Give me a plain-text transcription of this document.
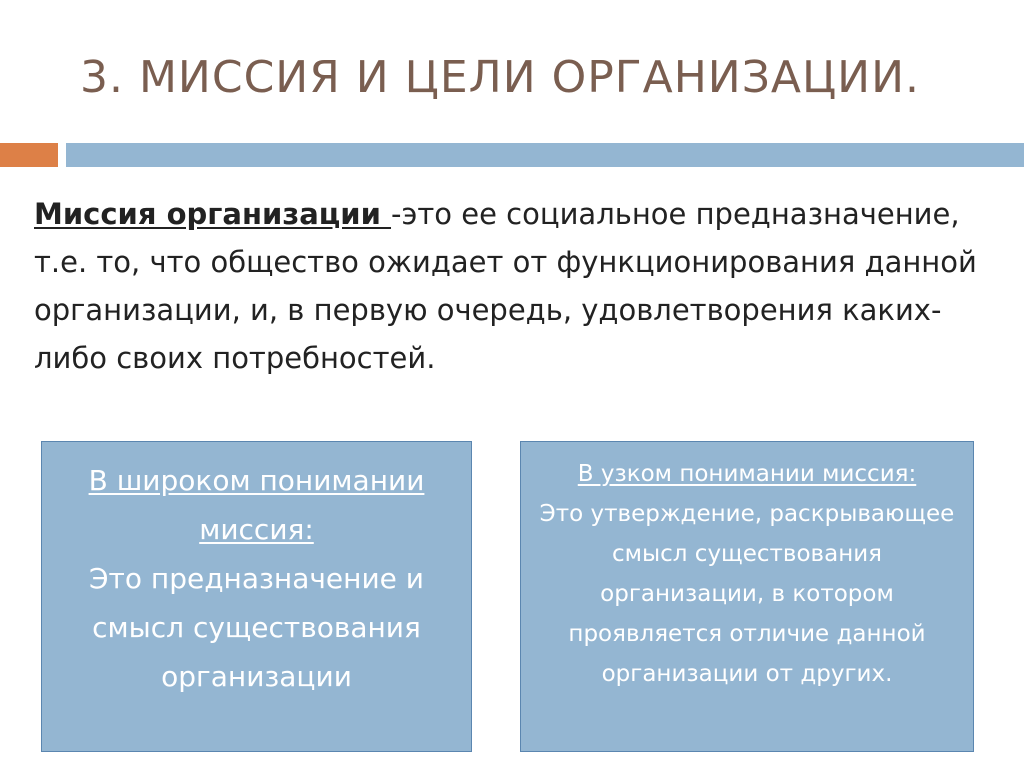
3. МИССИЯ И ЦЕЛИ ОРГАНИЗАЦИИ.

Миссия организации -это ее социальное предназначение, т.е. то, что общество ожидает от функционирования данной организации, и, в первую очередь, удовлетворения каких-либо своих потребностей.

В широком понимании миссия:
Это предназначение и смысл существования организации
В узком понимании миссия:
Это утверждение, раскрывающее смысл существования организации, в котором проявляется отличие данной организации от других.
